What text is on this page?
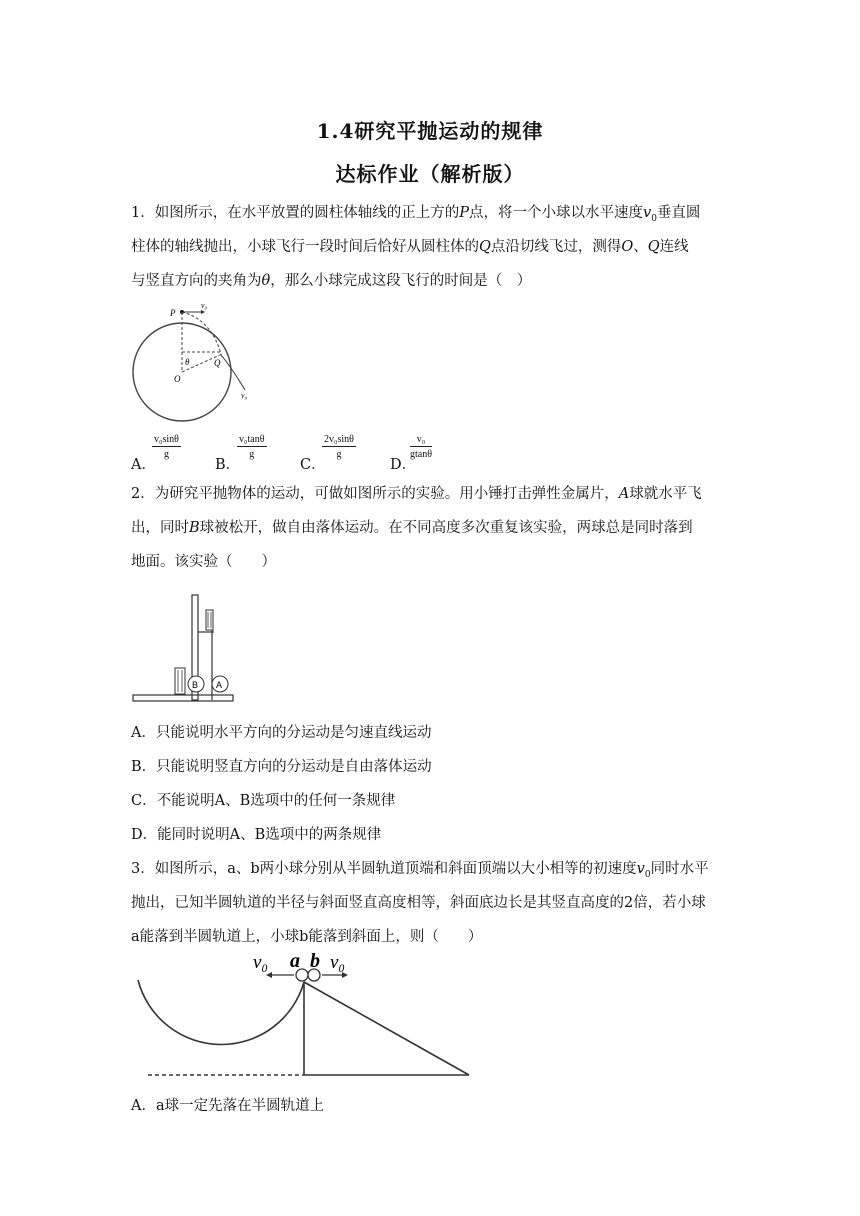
1.4研究平抛运动的规律
达标作业（解析版）
1．如图所示，在水平放置的圆柱体轴线的正上方的P点，将一个小球以水平速度$v_0$垂直圆
柱体的轴线抛出，小球飞行一段时间后恰好从圆柱体的Q点沿切线飞过，测得O、Q连线
与竖直方向的夹角为θ，那么小球完成这段飞行的时间是（　）
P
v₀
θ	Q
O
v₀
A．
$\frac{\text{v₀sinθ}}{g}$
B．
$\frac{\text{v₀tanθ}}{g}$
C．
$\frac{\text{2v₀sinθ}}{g}$
D．
$\frac{\text{v₀}}{gtan\theta}$
2．为研究平抛物体的运动，可做如图所示的实验。用小锤打击弹性金属片，A球就水平飞
出，同时B球被松开，做自由落体运动。在不同高度多次重复该实验，两球总是同时落到
地面。该实验（　　）
B A
A．只能说明水平方向的分运动是匀速直线运动
B．只能说明竖直方向的分运动是自由落体运动
C．不能说明A、B选项中的任何一条规律
D．能同时说明A、B选项中的两条规律
3．如图所示，a、b两小球分别从半圆轨道顶端和斜面顶端以大小相等的初速度$v_0$同时水平
抛出，已知半圆轨道的半径与斜面竖直高度相等，斜面底边长是其竖直高度的2倍，若小球
a能落到半圆轨道上，小球b能落到斜面上，则（　　）
v₀ a b v₀
A．a球一定先落在半圆轨道上
